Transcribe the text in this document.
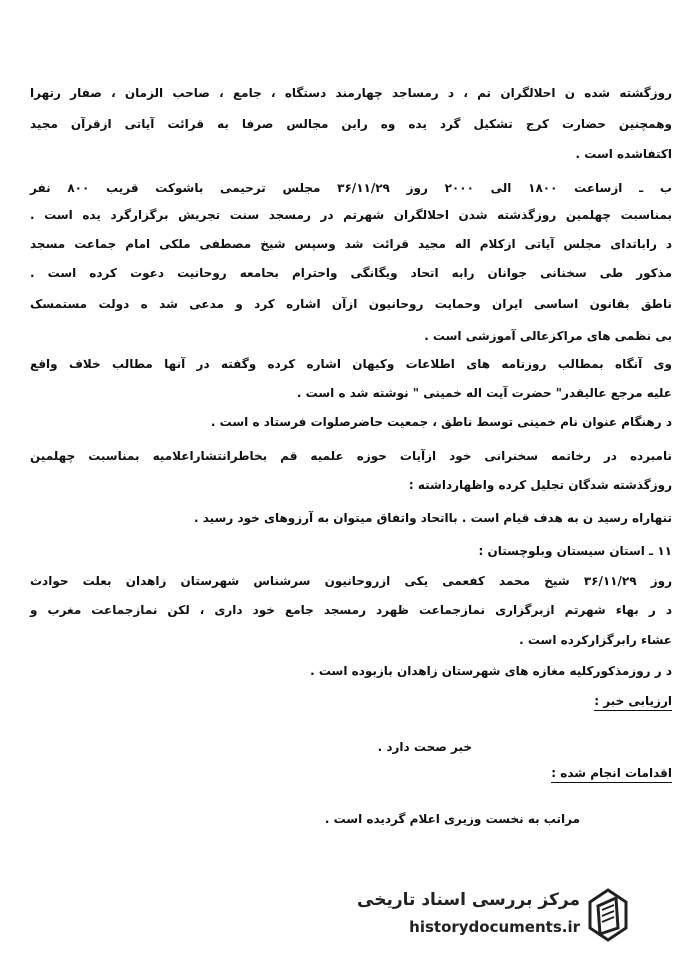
روزگشته شده ن احلالگران تم ، د رمساجد چهارمند دستگاه ، جامع ، صاحب الزمان ، صفار رتهرا
وهمچنین حضارت کرج تشکیل گرد یده وه راین مجالس صرفا به قرائت آیاتی ازقرآن مجید
اکتفاشده است .
ب ـ ازساعت ۱۸۰۰ الی ۲۰۰۰ روز ۳۶/۱۱/۲۹ مجلس ترحیمی باشوکت قریب ۸۰۰ نفر
بمناسبت چهلمین روزگذشته شدن احلالگران شهرتم در رمسجد سنت تجریش برگزارگرد یده است .
د راباتدای مجلس آیاتی ازکلام اله مجید قرائت شد وسپس شیخ مصطفی ملکی امام جماعت مسجد
مذکور طی سخنانی جوانان رابه اتحاد ویگانگی واحترام بحامعه روحانیت دعوت کرده است .
ناطق بقانون اساسی ایران وحمایت روحانیون ازآن اشاره کرد و مدعی شد ه دولت مستمسک
بی نظمی های مراکزعالی آموزشی است .
وی آنگاه بمطالب روزنامه های اطلاعات وکیهان اشاره کرده وگفته در آنها مطالب خلاف واقع
علیه مرجع عالیقدر" حضرت آیت اله خمینی " نوشته شد ه است .
د رهنگام عنوان نام خمینی توسط ناطق ، جمعیت حاضرصلوات فرستاد ه است .
نامبرده در رخاتمه سخنرانی خود ازآیات حوزه علمیه قم بخاطرانتشاراعلامیه بمناسبت چهلمین
روزگذشته شدگان تجلیل کرده واظهارداشته :
تنهاراه رسید ن به هدف قیام است . بااتحاد واتفاق میتوان به آرزوهای خود رسید .
۱۱ ـ استان سیستان وبلوچستان :
روز ۳۶/۱۱/۲۹ شیخ محمد کفعمی یکی ازروحانیون سرشناس شهرستان زاهدان بعلت حوادث
د ر بهاء شهرتم ازبرگزاری نمازجماعت ظهرد رمسجد جامع خود داری ، لکن نمازجماعت مغرب و
عشاء رابرگزارکرده است .
د ر روزمذکورکلیه مغازه های شهرستان زاهدان بازبوده است .
ارزیابی خبر :
خبر صحت دارد .
اقدامات انجام شده :
مراتب به نخست وزیری اعلام گردیده است .
مرکز بررسی اسناد تاریخی
historydocuments.ir
